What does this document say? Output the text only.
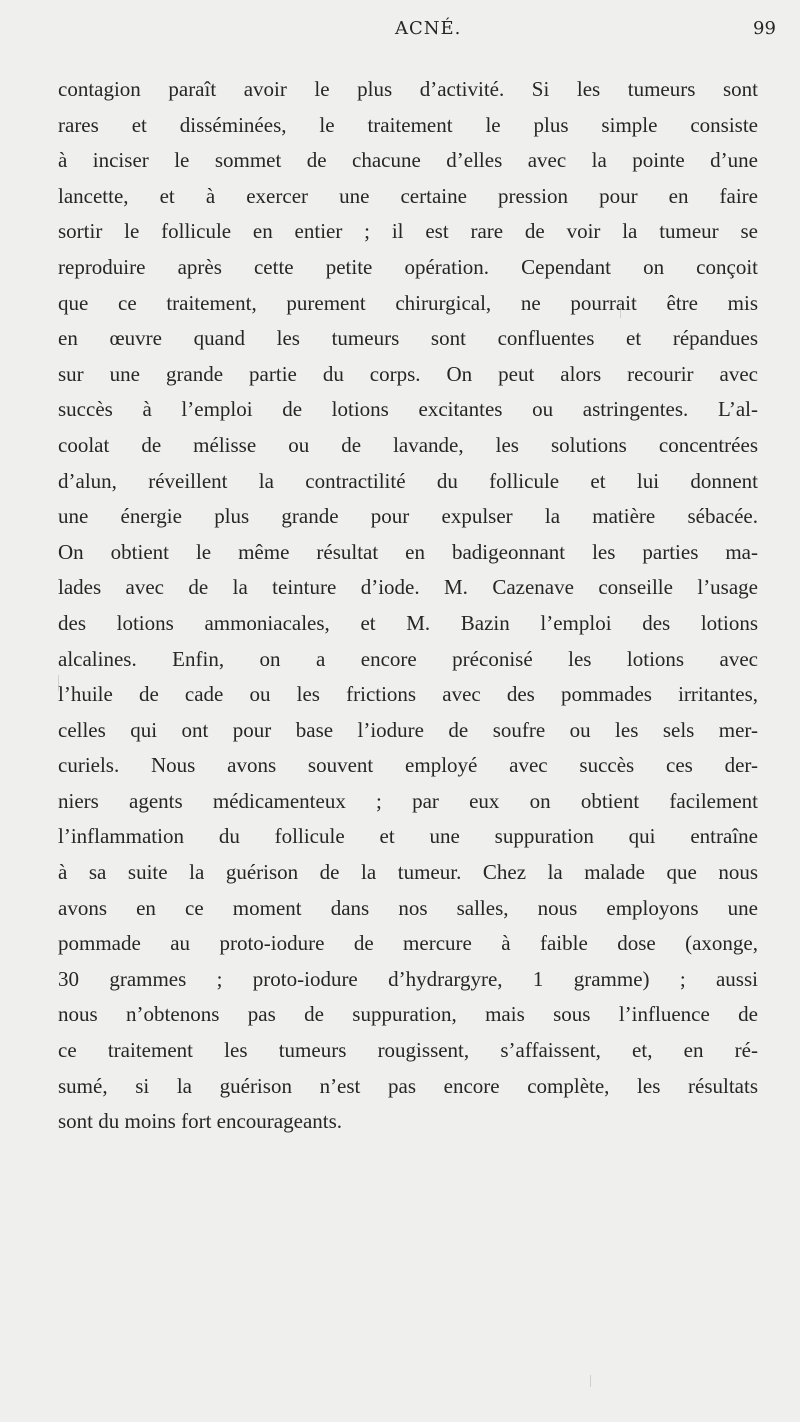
ACNÉ.	99
contagion paraît avoir le plus d’activité. Si les tumeurs sont
rares et disséminées, le traitement le plus simple consiste
à inciser le sommet de chacune d’elles avec la pointe d’une
lancette, et à exercer une certaine pression pour en faire
sortir le follicule en entier ; il est rare de voir la tumeur se
reproduire après cette petite opération. Cependant on conçoit
que ce traitement, purement chirurgical, ne pourrait être mis
en œuvre quand les tumeurs sont confluentes et répandues
sur une grande partie du corps. On peut alors recourir avec
succès à l’emploi de lotions excitantes ou astringentes. L’al-
coolat de mélisse ou de lavande, les solutions concentrées
d’alun, réveillent la contractilité du follicule et lui donnent
une énergie plus grande pour expulser la matière sébacée.
On obtient le même résultat en badigeonnant les parties ma-
lades avec de la teinture d’iode. M. Cazenave conseille l’usage
des lotions ammoniacales, et M. Bazin l’emploi des lotions
alcalines. Enfin, on a encore préconisé les lotions avec
l’huile de cade ou les frictions avec des pommades irritantes,
celles qui ont pour base l’iodure de soufre ou les sels mer-
curiels. Nous avons souvent employé avec succès ces der-
niers agents médicamenteux ; par eux on obtient facilement
l’inflammation du follicule et une suppuration qui entraîne
à sa suite la guérison de la tumeur. Chez la malade que nous
avons en ce moment dans nos salles, nous employons une
pommade au proto-iodure de mercure à faible dose (axonge,
30 grammes ; proto-iodure d’hydrargyre, 1 gramme) ; aussi
nous n’obtenons pas de suppuration, mais sous l’influence de
ce traitement les tumeurs rougissent, s’affaissent, et, en ré-
sumé, si la guérison n’est pas encore complète, les résultats
sont du moins fort encourageants.
